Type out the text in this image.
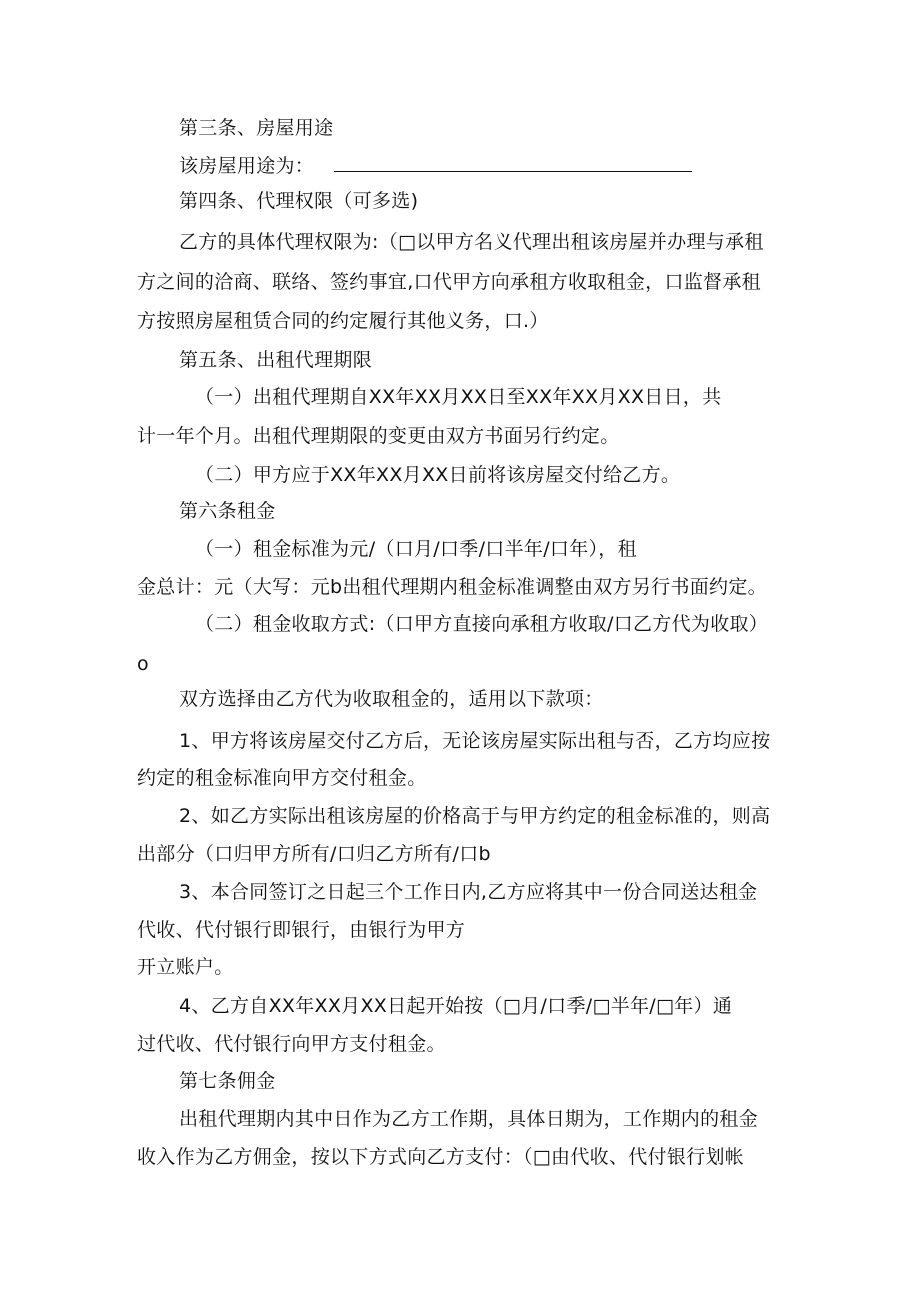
第三条、房屋用途
该房屋用途为：
第四条、代理权限（可多选)
乙方的具体代理权限为:（□以甲方名义代理出租该房屋并办理与承租
方之间的洽商、联络、签约事宜,口代甲方向承租方收取租金，口监督承租
方按照房屋租赁合同的约定履行其他义务，口.）
第五条、出租代理期限
（一）出租代理期自XX年XX月XX日至XX年XX月XX日日，共
计一年个月。出租代理期限的变更由双方书面另行约定。
（二）甲方应于XX年XX月XX日前将该房屋交付给乙方。
第六条租金
（一）租金标准为元/（口月/口季/口半年/口年），租
金总计：元（大写：元b出租代理期内租金标准调整由双方另行书面约定。
（二）租金收取方式:（口甲方直接向承租方收取/口乙方代为收取）
o
双方选择由乙方代为收取租金的，适用以下款项：
1、甲方将该房屋交付乙方后，无论该房屋实际出租与否，乙方均应按
约定的租金标准向甲方交付租金。
2、如乙方实际出租该房屋的价格高于与甲方约定的租金标准的，则高
出部分（口归甲方所有/口归乙方所有/口b
3、本合同签订之日起三个工作日内,乙方应将其中一份合同送达租金
代收、代付银行即银行，由银行为甲方
开立账户。
4、乙方自XX年XX月XX日起开始按（□月/口季/□半年/□年）通
过代收、代付银行向甲方支付租金。
第七条佣金
出租代理期内其中日作为乙方工作期，具体日期为，工作期内的租金
收入作为乙方佣金，按以下方式向乙方支付：（□由代收、代付银行划帐
